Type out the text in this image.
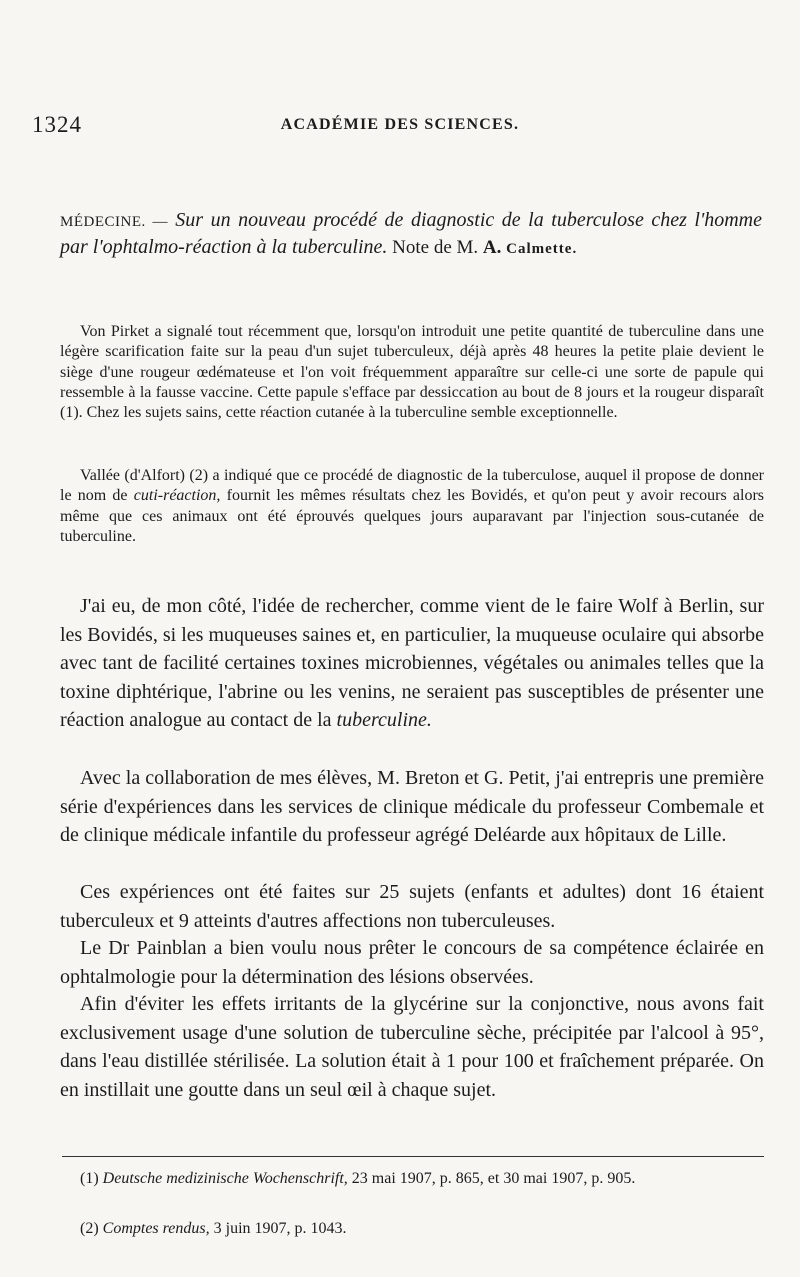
1324	ACADÉMIE DES SCIENCES.
MÉDECINE. — Sur un nouveau procédé de diagnostic de la tuberculose chez l'homme par l'ophtalmo-réaction à la tuberculine. Note de M. A. Calmette.

Von Pirket a signalé tout récemment que, lorsqu'on introduit une petite quantité de tuberculine dans une légère scarification faite sur la peau d'un sujet tuberculeux, déjà après 48 heures la petite plaie devient le siège d'une rougeur œdémateuse et l'on voit fréquemment apparaître sur celle-ci une sorte de papule qui ressemble à la fausse vaccine. Cette papule s'efface par dessiccation au bout de 8 jours et la rougeur disparaît (1). Chez les sujets sains, cette réaction cutanée à la tuberculine semble exceptionnelle.

Vallée (d'Alfort) (2) a indiqué que ce procédé de diagnostic de la tuberculose, auquel il propose de donner le nom de cuti-réaction, fournit les mêmes résultats chez les Bovidés, et qu'on peut y avoir recours alors même que ces animaux ont été éprouvés quelques jours auparavant par l'injection sous-cutanée de tuberculine.

J'ai eu, de mon côté, l'idée de rechercher, comme vient de le faire Wolf à Berlin, sur les Bovidés, si les muqueuses saines et, en particulier, la muqueuse oculaire qui absorbe avec tant de facilité certaines toxines microbiennes, végétales ou animales telles que la toxine diphtérique, l'abrine ou les venins, ne seraient pas susceptibles de présenter une réaction analogue au contact de la tuberculine.

Avec la collaboration de mes élèves, M. Breton et G. Petit, j'ai entrepris une première série d'expériences dans les services de clinique médicale du professeur Combemale et de clinique médicale infantile du professeur agrégé Deléarde aux hôpitaux de Lille.

Ces expériences ont été faites sur 25 sujets (enfants et adultes) dont 16 étaient tuberculeux et 9 atteints d'autres affections non tuberculeuses.

Le Dr Painblan a bien voulu nous prêter le concours de sa compétence éclairée en ophtalmologie pour la détermination des lésions observées.

Afin d'éviter les effets irritants de la glycérine sur la conjonctive, nous avons fait exclusivement usage d'une solution de tuberculine sèche, précipitée par l'alcool à 95°, dans l'eau distillée stérilisée. La solution était à 1 pour 100 et fraîchement préparée. On en instillait une goutte dans un seul œil à chaque sujet.

(1) Deutsche medizinische Wochenschrift, 23 mai 1907, p. 865, et 30 mai 1907, p. 905.

(2) Comptes rendus, 3 juin 1907, p. 1043.
